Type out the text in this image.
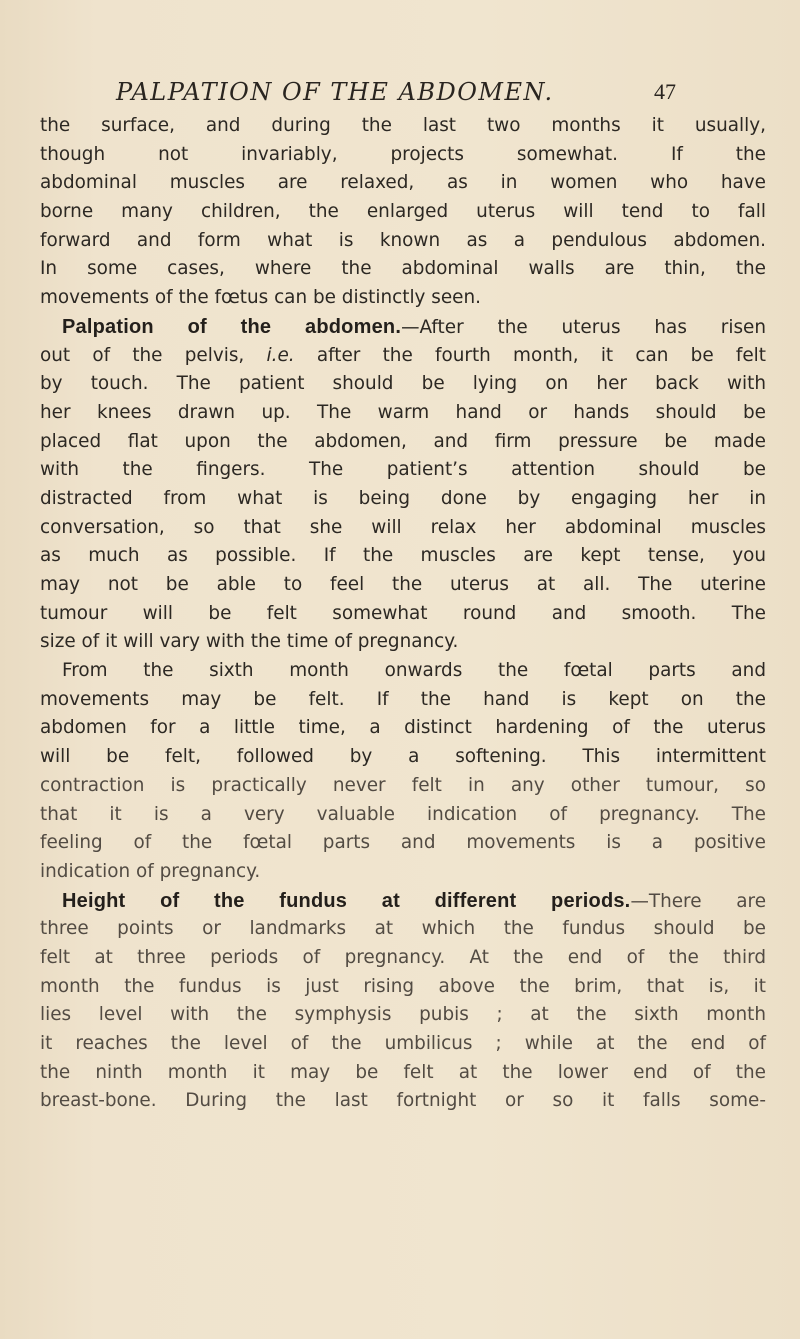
PALPATION OF THE ABDOMEN.	47
the surface, and during the last two months it usually,
though not invariably, projects somewhat. If the
abdominal muscles are relaxed, as in women who have
borne many children, the enlarged uterus will tend to fall
forward and form what is known as a pendulous abdomen.
In some cases, where the abdominal walls are thin, the
movements of the fœtus can be distinctly seen.
Palpation of the abdomen.—After the uterus has risen
out of the pelvis, i.e. after the fourth month, it can be felt
by touch. The patient should be lying on her back with
her knees drawn up. The warm hand or hands should be
placed flat upon the abdomen, and firm pressure be made
with the fingers. The patient’s attention should be
distracted from what is being done by engaging her in
conversation, so that she will relax her abdominal muscles
as much as possible. If the muscles are kept tense, you
may not be able to feel the uterus at all. The uterine
tumour will be felt somewhat round and smooth. The
size of it will vary with the time of pregnancy.
From the sixth month onwards the fœtal parts and
movements may be felt. If the hand is kept on the
abdomen for a little time, a distinct hardening of the uterus
will be felt, followed by a softening. This intermittent
contraction is practically never felt in any other tumour, so
that it is a very valuable indication of pregnancy. The
feeling of the fœtal parts and movements is a positive
indication of pregnancy.
Height of the fundus at different periods.—There are
three points or landmarks at which the fundus should be
felt at three periods of pregnancy. At the end of the third
month the fundus is just rising above the brim, that is, it
lies level with the symphysis pubis ; at the sixth month
it reaches the level of the umbilicus ; while at the end of
the ninth month it may be felt at the lower end of the
breast-bone. During the last fortnight or so it falls some-
